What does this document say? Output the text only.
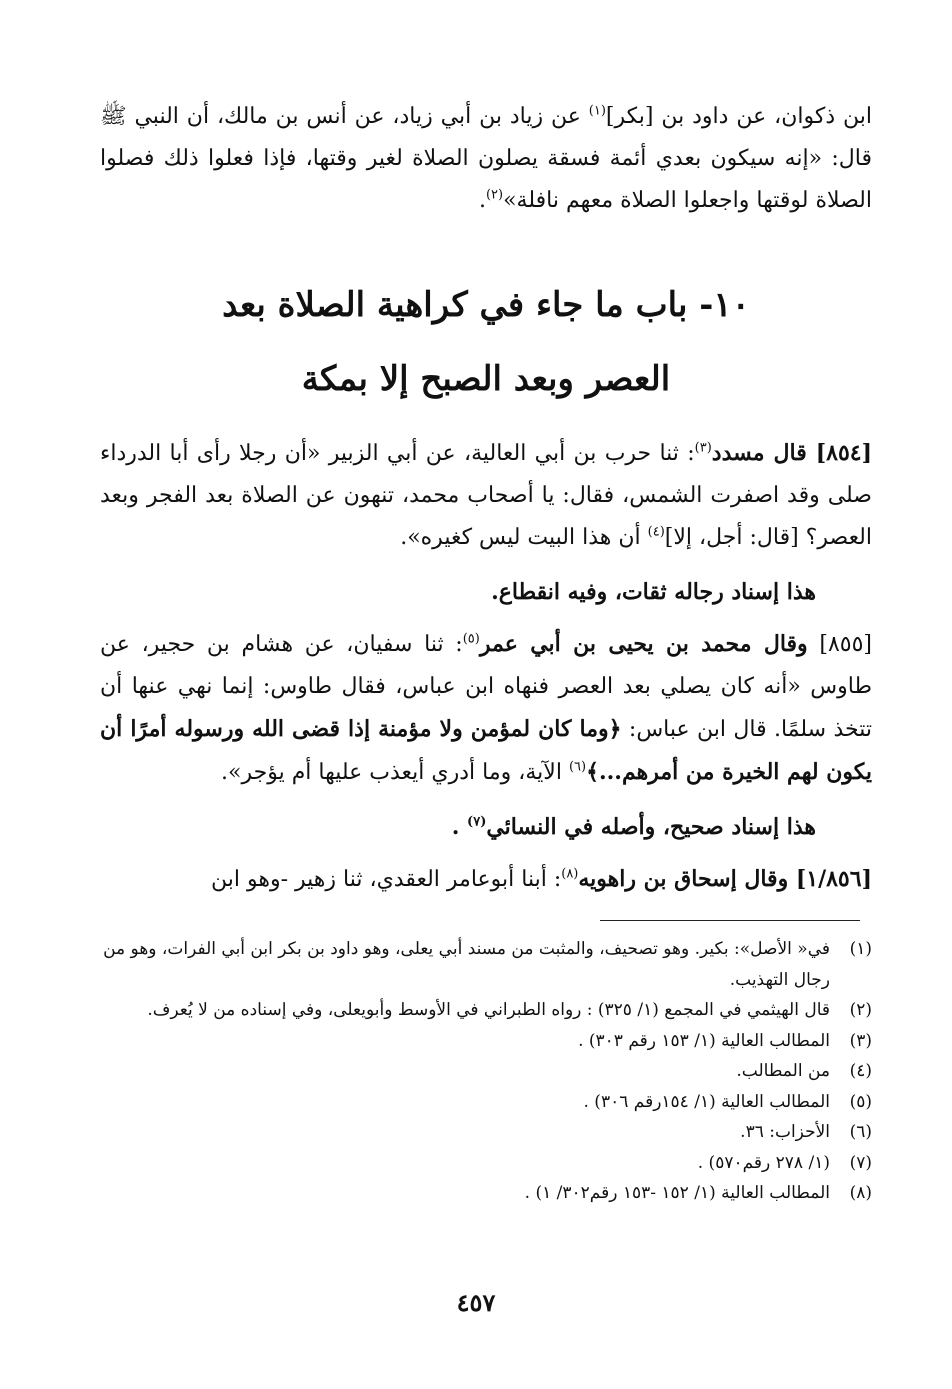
ابن ذكوان، عن داود بن [بكر]$^{(١)}$ عن زياد بن أبي زياد، عن أنس بن مالك، أن النبي ﷺ قال: «إنه سيكون بعدي أئمة فسقة يصلون الصلاة لغير وقتها، فإذا فعلوا ذلك فصلوا الصلاة لوقتها واجعلوا الصلاة معهم نافلة»$^{(٢)}$.

١٠- باب ما جاء في كراهية الصلاة بعد
العصر وبعد الصبح إلا بمكة

[٨٥٤] قال مسدد$^{(٣)}$: ثنا حرب بن أبي العالية، عن أبي الزبير «أن رجلا رأى أبا الدرداء صلى وقد اصفرت الشمس، فقال: يا أصحاب محمد، تنهون عن الصلاة بعد الفجر وبعد العصر؟ [قال: أجل، إلا]$^{(٤)}$ أن هذا البيت ليس كغيره».

هذا إسناد رجاله ثقات، وفيه انقطاع.

[٨٥٥] وقال محمد بن يحيى بن أبي عمر$^{(٥)}$: ثنا سفيان، عن هشام بن حجير، عن طاوس «أنه كان يصلي بعد العصر فنهاه ابن عباس، فقال طاوس: إنما نهي عنها أن تتخذ سلمًا. قال ابن عباس: ﴿وما كان لمؤمن ولا مؤمنة إذا قضى الله ورسوله أمرًا أن يكون لهم الخيرة من أمرهم...﴾$^{(٦)}$ الآية، وما أدري أيعذب عليها أم يؤجر».

هذا إسناد صحيح، وأصله في النسائي$^{(٧)}$ .

[١/٨٥٦] وقال إسحاق بن راهويه$^{(٨)}$: أبنا أبوعامر العقدي، ثنا زهير -وهو ابن

(١)في« الأصل»: بكير. وهو تصحيف، والمثبت من مسند أبي يعلى، وهو داود بن بكر ابن أبي الفرات، وهو من رجال التهذيب.

(٢)قال الهيثمي في المجمع (١/ ٣٢٥) : رواه الطبراني في الأوسط وأبويعلى، وفي إسناده من لا يُعرف.

(٣)المطالب العالية (١/ ١٥٣ رقم ٣٠٣) .

(٤)من المطالب.

(٥)المطالب العالية (١/ ١٥٤رقم ٣٠٦) .

(٦)الأحزاب: ٣٦.

(٧)(١/ ٢٧٨ رقم٥٧٠) .

(٨)المطالب العالية (١/ ١٥٢ -١٥٣ رقم٣٠٢/ ١) .

٤٥٧
